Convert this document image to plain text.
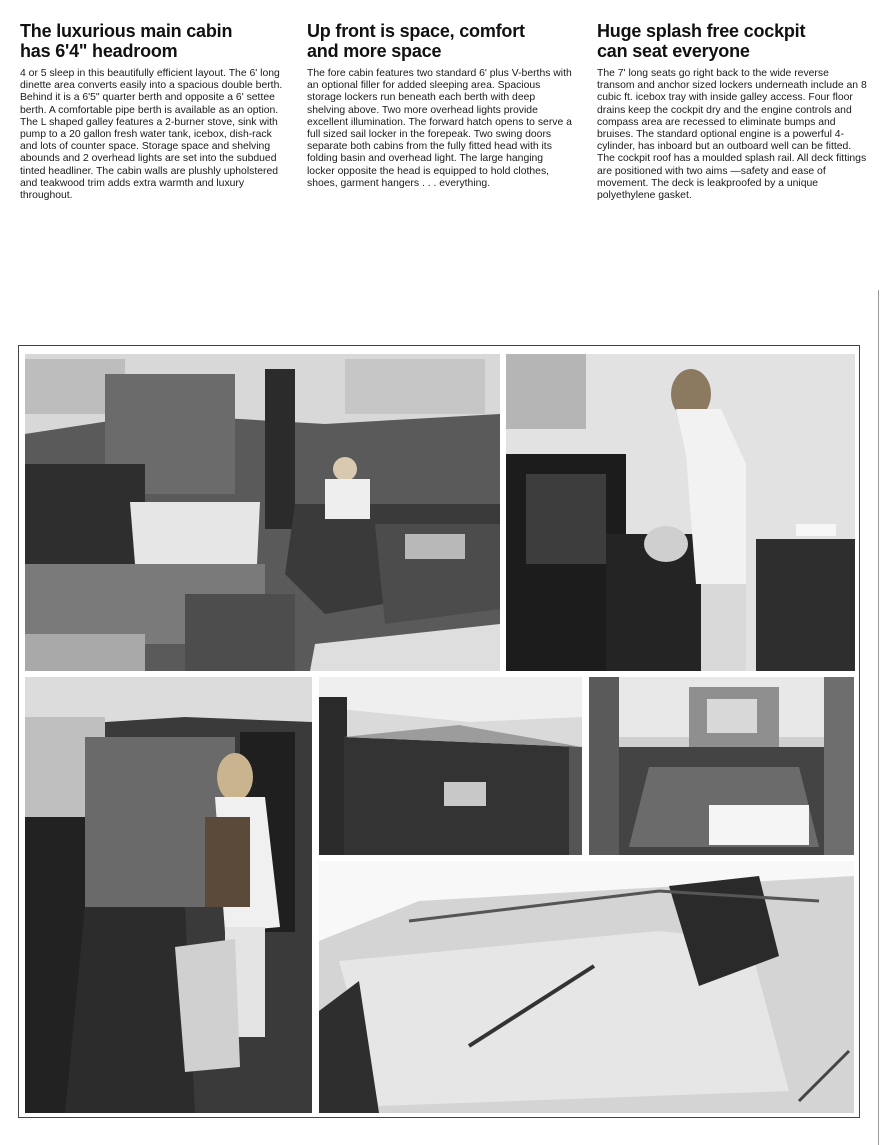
The luxurious main cabin
has 6'4" headroom

4 or 5 sleep in this beautifully efficient layout. The 6' long dinette area converts easily into a spacious double berth. Behind it is a 6'5" quarter berth and opposite a 6' settee berth. A comfortable pipe berth is available as an option. The L shaped galley features a 2-burner stove, sink with pump to a 20 gallon fresh water tank, icebox, dish-rack and lots of counter space. Storage space and shelving abounds and 2 overhead lights are set into the subdued tinted headliner. The cabin walls are plushly upholstered and teakwood trim adds extra warmth and luxury throughout.

Up front is space, comfort
and more space

The fore cabin features two standard 6' plus V-berths with an optional filler for added sleeping area. Spacious storage lockers run beneath each berth with deep shelving above. Two more overhead lights provide excellent illumination. The forward hatch opens to serve a full sized sail locker in the forepeak. Two swing doors separate both cabins from the fully fitted head with its folding basin and overhead light. The large hanging locker opposite the head is equipped to hold clothes, shoes, garment hangers . . . everything.

Huge splash free cockpit
can seat everyone

The 7' long seats go right back to the wide reverse transom and anchor sized lockers underneath include an 8 cubic ft. icebox tray with inside galley access. Four floor drains keep the cockpit dry and the engine controls and compass area are recessed to eliminate bumps and bruises. The standard optional engine is a powerful 4-cylinder, has inboard but an outboard well can be fitted. The cockpit roof has a moulded splash rail. All deck fittings are positioned with two aims —safety and ease of movement. The deck is leakproofed by a unique polyethylene gasket.
